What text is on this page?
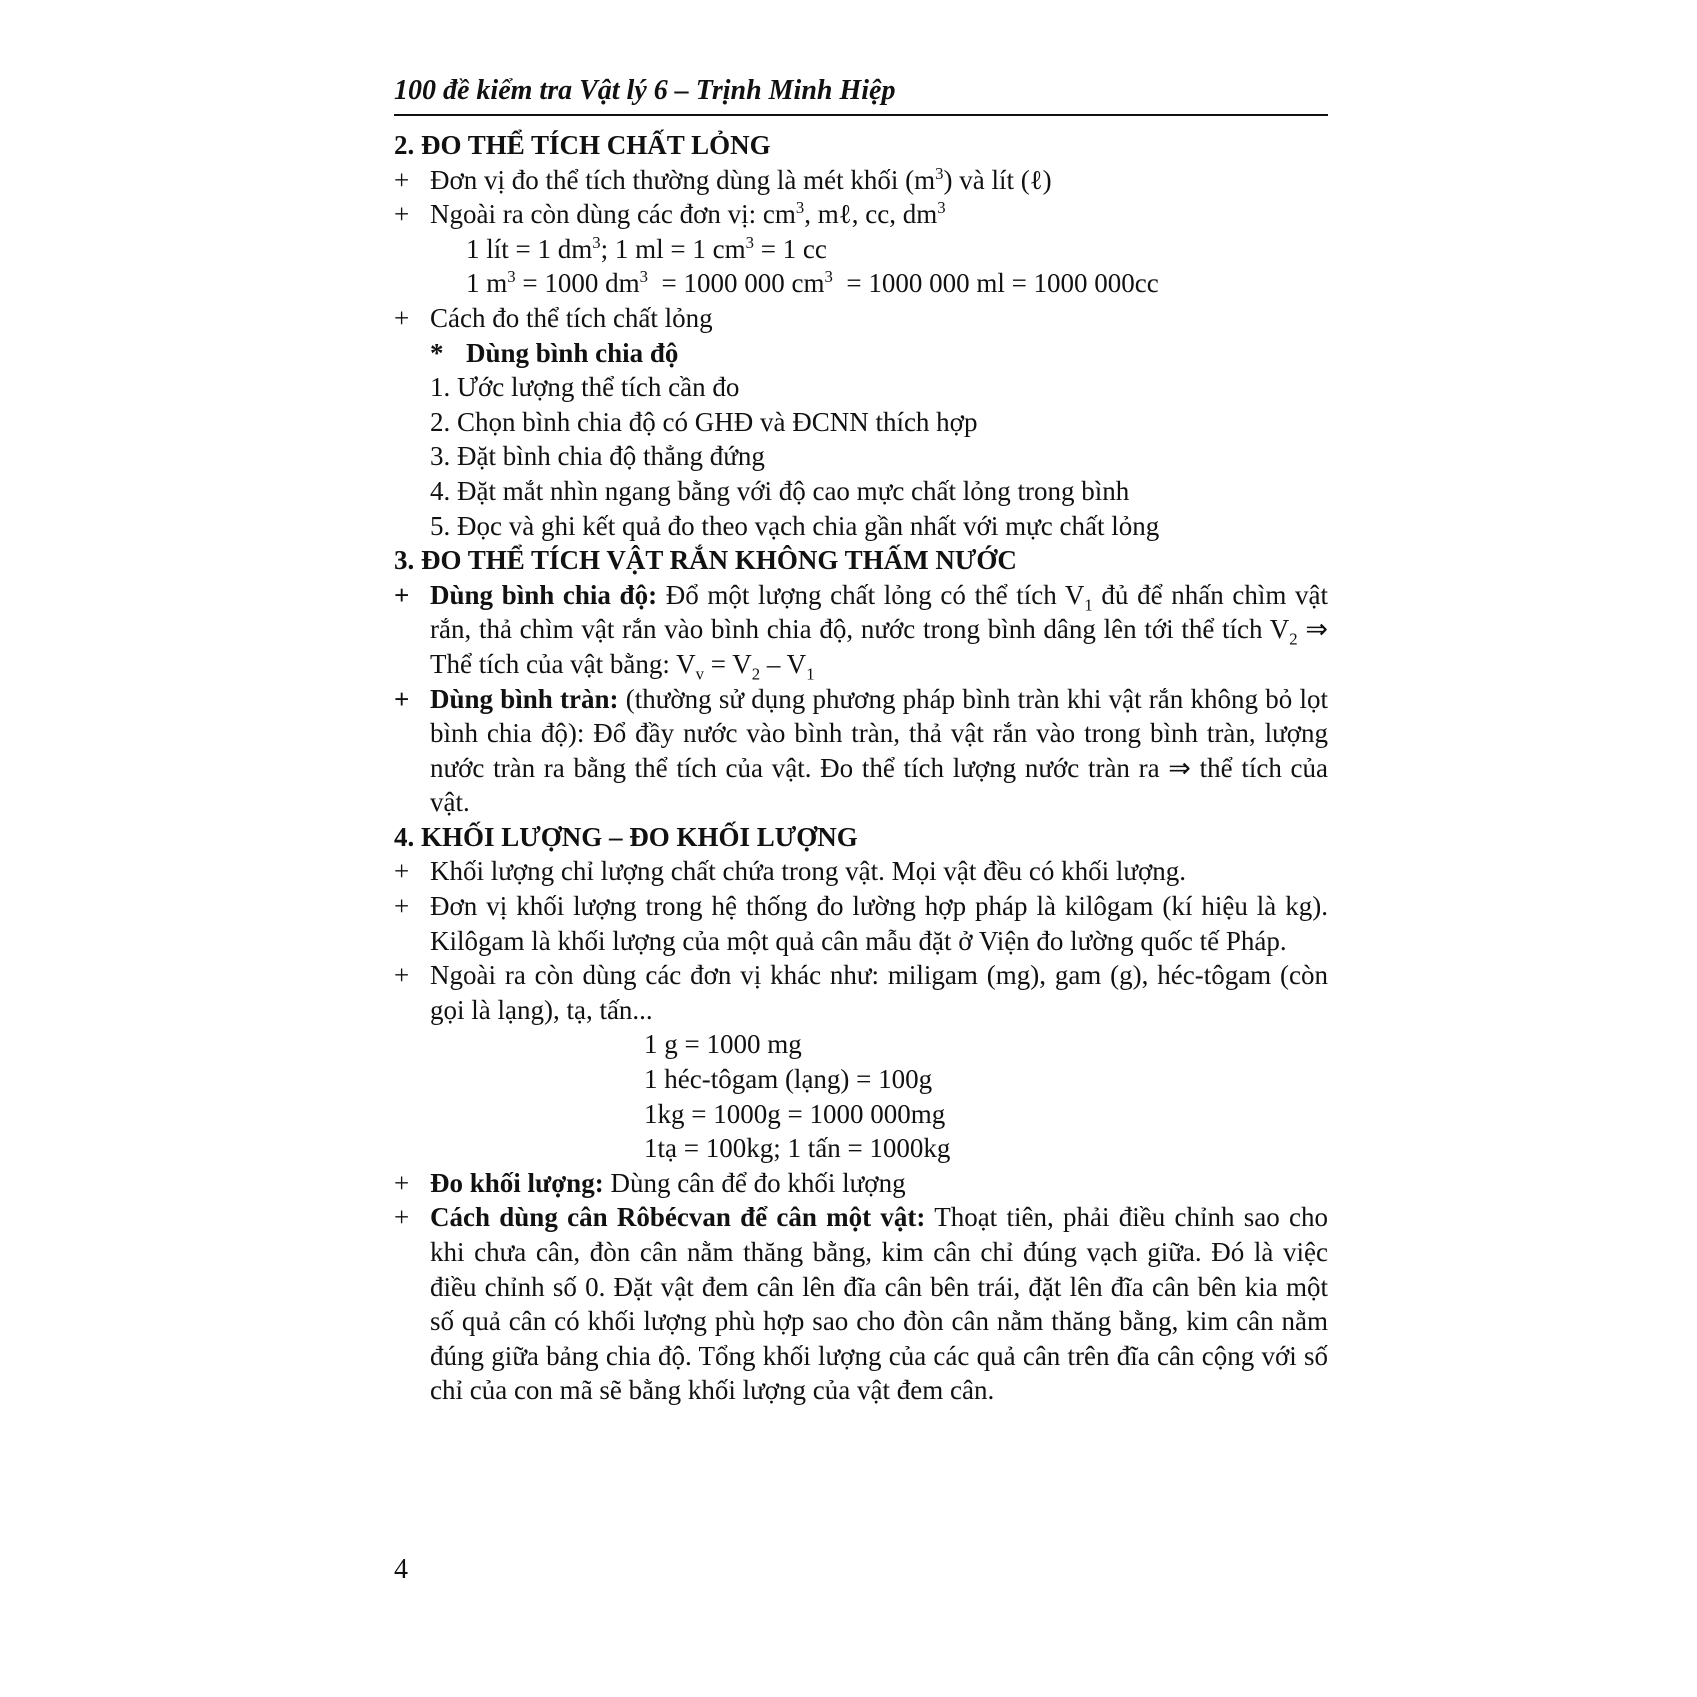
100 đề kiểm tra Vật lý 6 – Trịnh Minh Hiệp
2. ĐO THỂ TÍCH CHẤT LỎNG
+ Đơn vị đo thể tích thường dùng là mét khối $(m^3)$ và lít (ℓ)
+ Ngoài ra còn dùng các đơn vị: $cm^3$, mℓ, cc, $dm^3$
1 lít = 1 $dm^3$; 1 ml = 1 $cm^3 = 1$ cc
1 $m^3 = 1000$ $dm^3 = 1000$ 000 $cm^3 = 1000$ 000 ml = 1000 000cc
+ Cách đo thể tích chất lỏng
* Dùng bình chia độ
1. Ước lượng thể tích cần đo
2. Chọn bình chia độ có GHĐ và ĐCNN thích hợp
3. Đặt bình chia độ thẳng đứng
4. Đặt mắt nhìn ngang bằng với độ cao mực chất lỏng trong bình
5. Đọc và ghi kết quả đo theo vạch chia gần nhất với mực chất lỏng
3. ĐO THỂ TÍCH VẬT RẮN KHÔNG THẤM NƯỚC
+ Dùng bình chia độ: Đổ một lượng chất lỏng có thể tích $V_1$ đủ để nhấn chìm vật rắn, thả chìm vật rắn vào bình chia độ, nước trong bình dâng lên tới thể tích $V_2$ ⇒ Thể tích của vật bằng: $V_v = V_2 - V_1$
+ Dùng bình tràn: (thường sử dụng phương pháp bình tràn khi vật rắn không bỏ lọt bình chia độ): Đổ đầy nước vào bình tràn, thả vật rắn vào trong bình tràn, lượng nước tràn ra bằng thể tích của vật. Đo thể tích lượng nước tràn ra ⇒ thể tích của vật.
4. KHỐI LƯỢNG – ĐO KHỐI LƯỢNG
+ Khối lượng chỉ lượng chất chứa trong vật. Mọi vật đều có khối lượng.
+ Đơn vị khối lượng trong hệ thống đo lường hợp pháp là kilôgam (kí hiệu là kg). Kilôgam là khối lượng của một quả cân mẫu đặt ở Viện đo lường quốc tế Pháp.
+ Ngoài ra còn dùng các đơn vị khác như: miligam (mg), gam (g), héc-tôgam (còn gọi là lạng), tạ, tấn...
1 g = 1000 mg
1 héc-tôgam (lạng) = 100g
1kg = 1000g = 1000 000mg
1tạ = 100kg; 1 tấn = 1000kg
+ Đo khối lượng: Dùng cân để đo khối lượng
+ Cách dùng cân Rôbécvan để cân một vật: Thoạt tiên, phải điều chỉnh sao cho khi chưa cân, đòn cân nằm thăng bằng, kim cân chỉ đúng vạch giữa. Đó là việc điều chỉnh số 0. Đặt vật đem cân lên đĩa cân bên trái, đặt lên đĩa cân bên kia một số quả cân có khối lượng phù hợp sao cho đòn cân nằm thăng bằng, kim cân nằm đúng giữa bảng chia độ. Tổng khối lượng của các quả cân trên đĩa cân cộng với số chỉ của con mã sẽ bằng khối lượng của vật đem cân.
4
